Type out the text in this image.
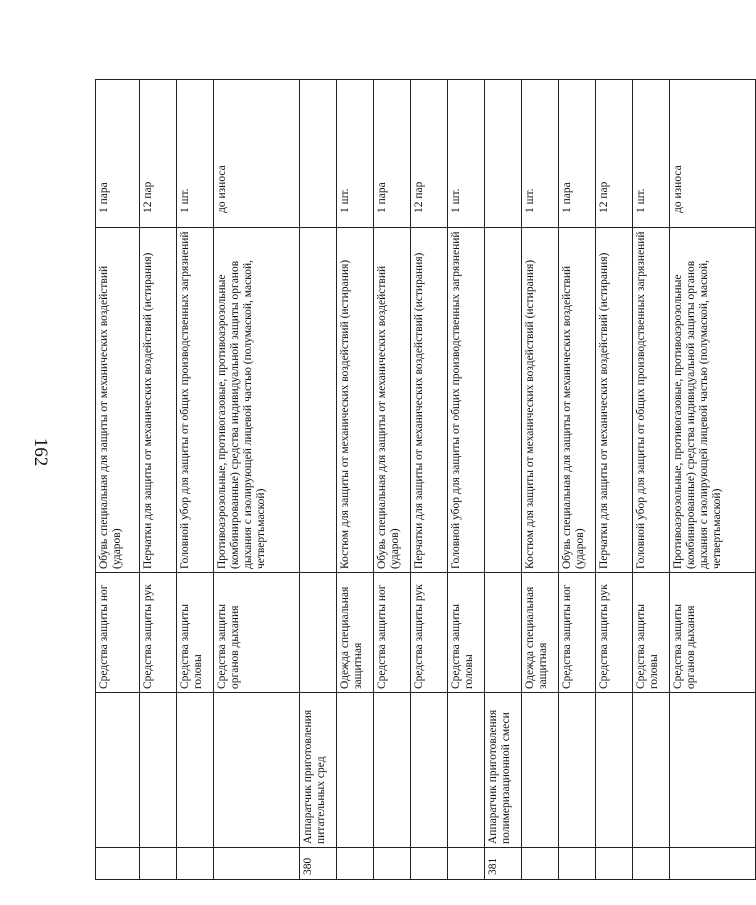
162
		Средства защиты ног	Обувь специальная для защиты от механических воздействий (ударов)	1 пара
		Средства защиты рук	Перчатки для защиты от механических воздействий (истирания)	12 пар
		Средства защиты головы	Головной убор для защиты от общих производственных загрязнений	1 шт.
		Средства защиты органов дыхания	Противоаэрозольные, противогазовые, противоаэрозольные (комбинированные) средства индивидуальной защиты органов дыхания с изолирующей лицевой частью (полумаской, маской, четвертьмаской)	до износа
380	Аппаратчик приготовления питательных сред			
		Одежда специальная защитная	Костюм для защиты от механических воздействий (истирания)	1 шт.
		Средства защиты ног	Обувь специальная для защиты от механических воздействий (ударов)	1 пара
		Средства защиты рук	Перчатки для защиты от механических воздействий (истирания)	12 пар
		Средства защиты головы	Головной убор для защиты от общих производственных загрязнений	1 шт.
381	Аппаратчик приготовления полимеризационной смеси			
		Одежда специальная защитная	Костюм для защиты от механических воздействий (истирания)	1 шт.
		Средства защиты ног	Обувь специальная для защиты от механических воздействий (ударов)	1 пара
		Средства защиты рук	Перчатки для защиты от механических воздействий (истирания)	12 пар
		Средства защиты головы	Головной убор для защиты от общих производственных загрязнений	1 шт.
		Средства защиты органов дыхания	Противоаэрозольные, противогазовые, противоаэрозольные (комбинированные) средства индивидуальной защиты органов дыхания с изолирующей лицевой частью (полумаской, маской, четвертьмаской)	до износа
